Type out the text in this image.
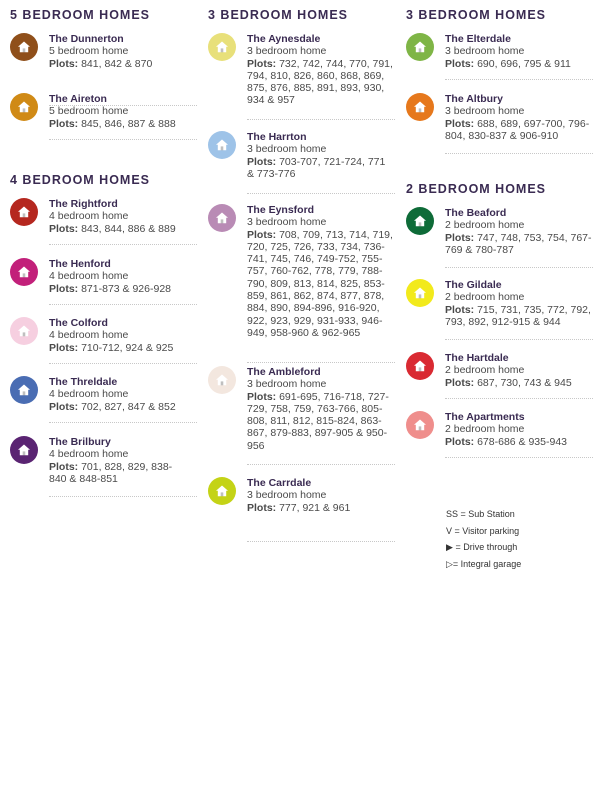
5 BEDROOM HOMES
The Dunnerton
5 bedroom home
Plots: 841, 842 & 870
The Aireton
5 bedroom home
Plots: 845, 846, 887 & 888
4 BEDROOM HOMES
The Rightford
4 bedroom home
Plots: 843, 844, 886 & 889
The Henford
4 bedroom home
Plots: 871-873 & 926-928
The Colford
4 bedroom home
Plots: 710-712, 924 & 925
The Threldale
4 bedroom home
Plots: 702, 827, 847 & 852
The Brilbury
4 bedroom home
Plots: 701, 828, 829, 838-840 & 848-851
3 BEDROOM HOMES
The Aynesdale
3 bedroom home
Plots: 732, 742, 744, 770, 791, 794, 810, 826, 860, 868, 869, 875, 876, 885, 891, 893, 930, 934 & 957
The Harrton
3 bedroom home
Plots: 703-707, 721-724, 771 & 773-776
The Eynsford
3 bedroom home
Plots: 708, 709, 713, 714, 719, 720, 725, 726, 733, 734, 736-741, 745, 746, 749-752, 755-757, 760-762, 778, 779, 788-790, 809, 813, 814, 825, 853-859, 861, 862, 874, 877, 878, 884, 890, 894-896, 916-920, 922, 923, 929, 931-933, 946-949, 958-960 & 962-965
The Ambleford
3 bedroom home
Plots: 691-695, 716-718, 727-729, 758, 759, 763-766, 805-808, 811, 812, 815-824, 863-867, 879-883, 897-905 & 950-956
The Carrdale
3 bedroom home
Plots: 777, 921 & 961
3 BEDROOM HOMES
The Elterdale
3 bedroom home
Plots: 690, 696, 795 & 911
The Altbury
3 bedroom home
Plots: 688, 689, 697-700, 796-804, 830-837 & 906-910
2 BEDROOM HOMES
The Beaford
2 bedroom home
Plots: 747, 748, 753, 754, 767-769 & 780-787
The Gildale
2 bedroom home
Plots: 715, 731, 735, 772, 792, 793, 892, 912-915 & 944
The Hartdale
2 bedroom home
Plots: 687, 730, 743 & 945
The Apartments
2 bedroom home
Plots: 678-686 & 935-943
SS = Sub Station
V = Visitor parking
▶ = Drive through
▷= Integral garage
